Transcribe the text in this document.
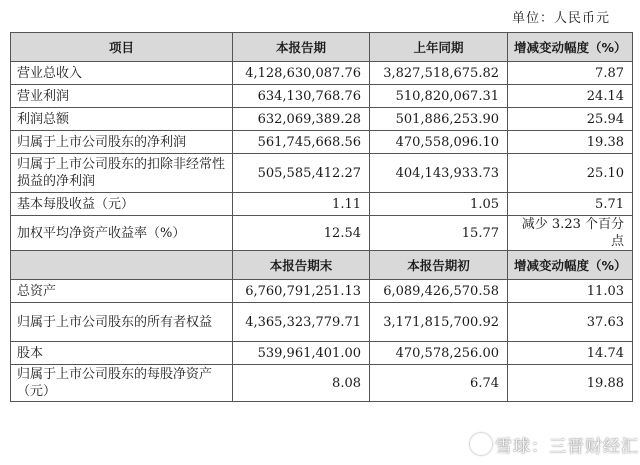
单位：人民币元
项目	本报告期	上年同期	增减变动幅度（%）
营业总收入	4,128,630,087.76	3,827,518,675.82	7.87
营业利润	634,130,768.76	510,820,067.31	24.14
利润总额	632,069,389.28	501,886,253.90	25.94
归属于上市公司股东的净利润	561,745,668.56	470,558,096.10	19.38
归属于上市公司股东的扣除非经常性损益的净利润	505,585,412.27	404,143,933.73	25.10
基本每股收益（元）	1.11	1.05	5.71
加权平均净资产收益率（%）	12.54	15.77	减少 3.23 个百分点
	本报告期末	本报告期初	增减变动幅度（%）
总资产	6,760,791,251.13	6,089,426,570.58	11.03
归属于上市公司股东的所有者权益	4,365,323,779.71	3,171,815,700.92	37.63
股本	539,961,401.00	470,578,256.00	14.74
归属于上市公司股东的每股净资产（元）	8.08	6.74	19.88
雪球：三晋财经汇
